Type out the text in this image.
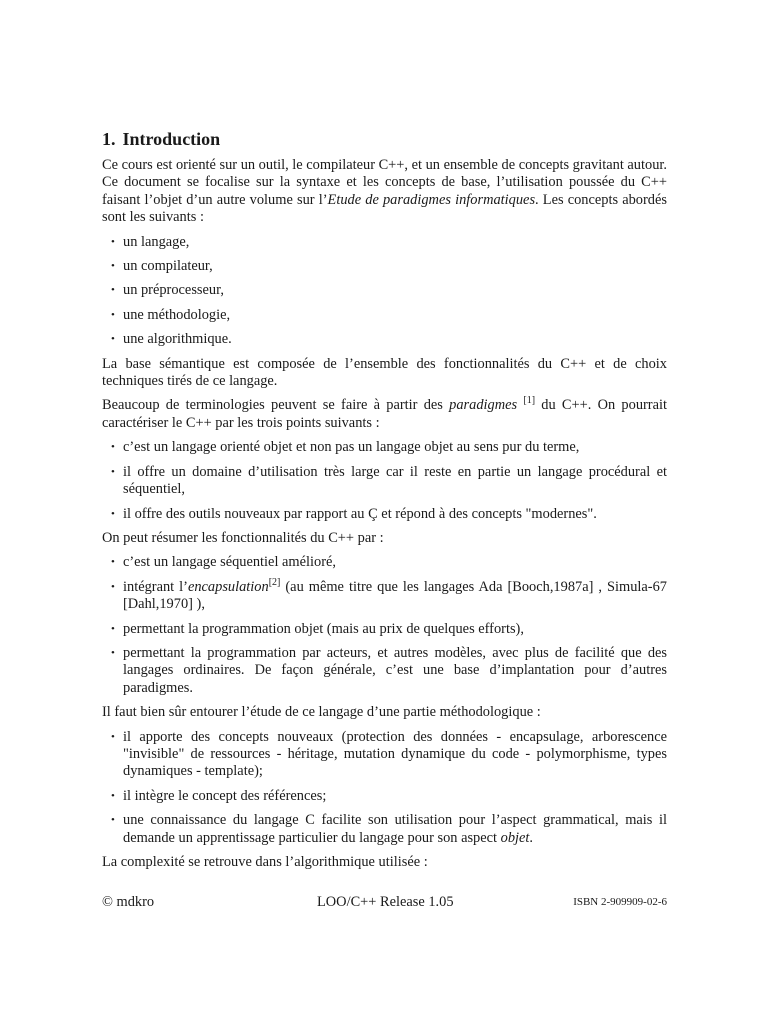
1. Introduction

Ce cours est orienté sur un outil, le compilateur C++, et un ensemble de concepts gravitant autour. Ce document se focalise sur la syntaxe et les concepts de base, l’utilisation poussée du C++ faisant l’objet d’un autre volume sur l’Etude de paradigmes informatiques. Les concepts abordés sont les suivants :

• un langage,
• un compilateur,
• un préprocesseur,
• une méthodologie,
• une algorithmique.

La base sémantique est composée de l’ensemble des fonctionnalités du C++ et de choix techniques tirés de ce langage.

Beaucoup de terminologies peuvent se faire à partir des paradigmes [1] du C++. On pourrait caractériser le C++ par les trois points suivants :

• c’est un langage orienté objet et non pas un langage objet au sens pur du terme,
• il offre un domaine d’utilisation très large car il reste en partie un langage procédural et séquentiel,
• il offre des outils nouveaux par rapport au Ç et répond à des concepts "modernes".

On peut résumer les fonctionnalités du C++ par :

• c’est un langage séquentiel amélioré,
• intégrant l’encapsulation[2] (au même titre que les langages Ada [Booch,1987a] , Simula-67 [Dahl,1970] ),
• permettant la programmation objet (mais au prix de quelques efforts),
• permettant la programmation par acteurs, et autres modèles, avec plus de facilité que des langages ordinaires. De façon générale, c’est une base d’implantation pour d’autres paradigmes.

Il faut bien sûr entourer l’étude de ce langage d’une partie méthodologique :

• il apporte des concepts nouveaux (protection des données - encapsulage, arborescence "invisible" de ressources - héritage, mutation dynamique du code - polymorphisme, types dynamiques - template);
• il intègre le concept des références;
• une connaissance du langage C facilite son utilisation pour l’aspect grammatical, mais il demande un apprentissage particulier du langage pour son aspect objet.

La complexité se retrouve dans l’algorithmique utilisée :

© mdkro	LOO/C++ Release 1.05	ISBN 2-909909-02-6
